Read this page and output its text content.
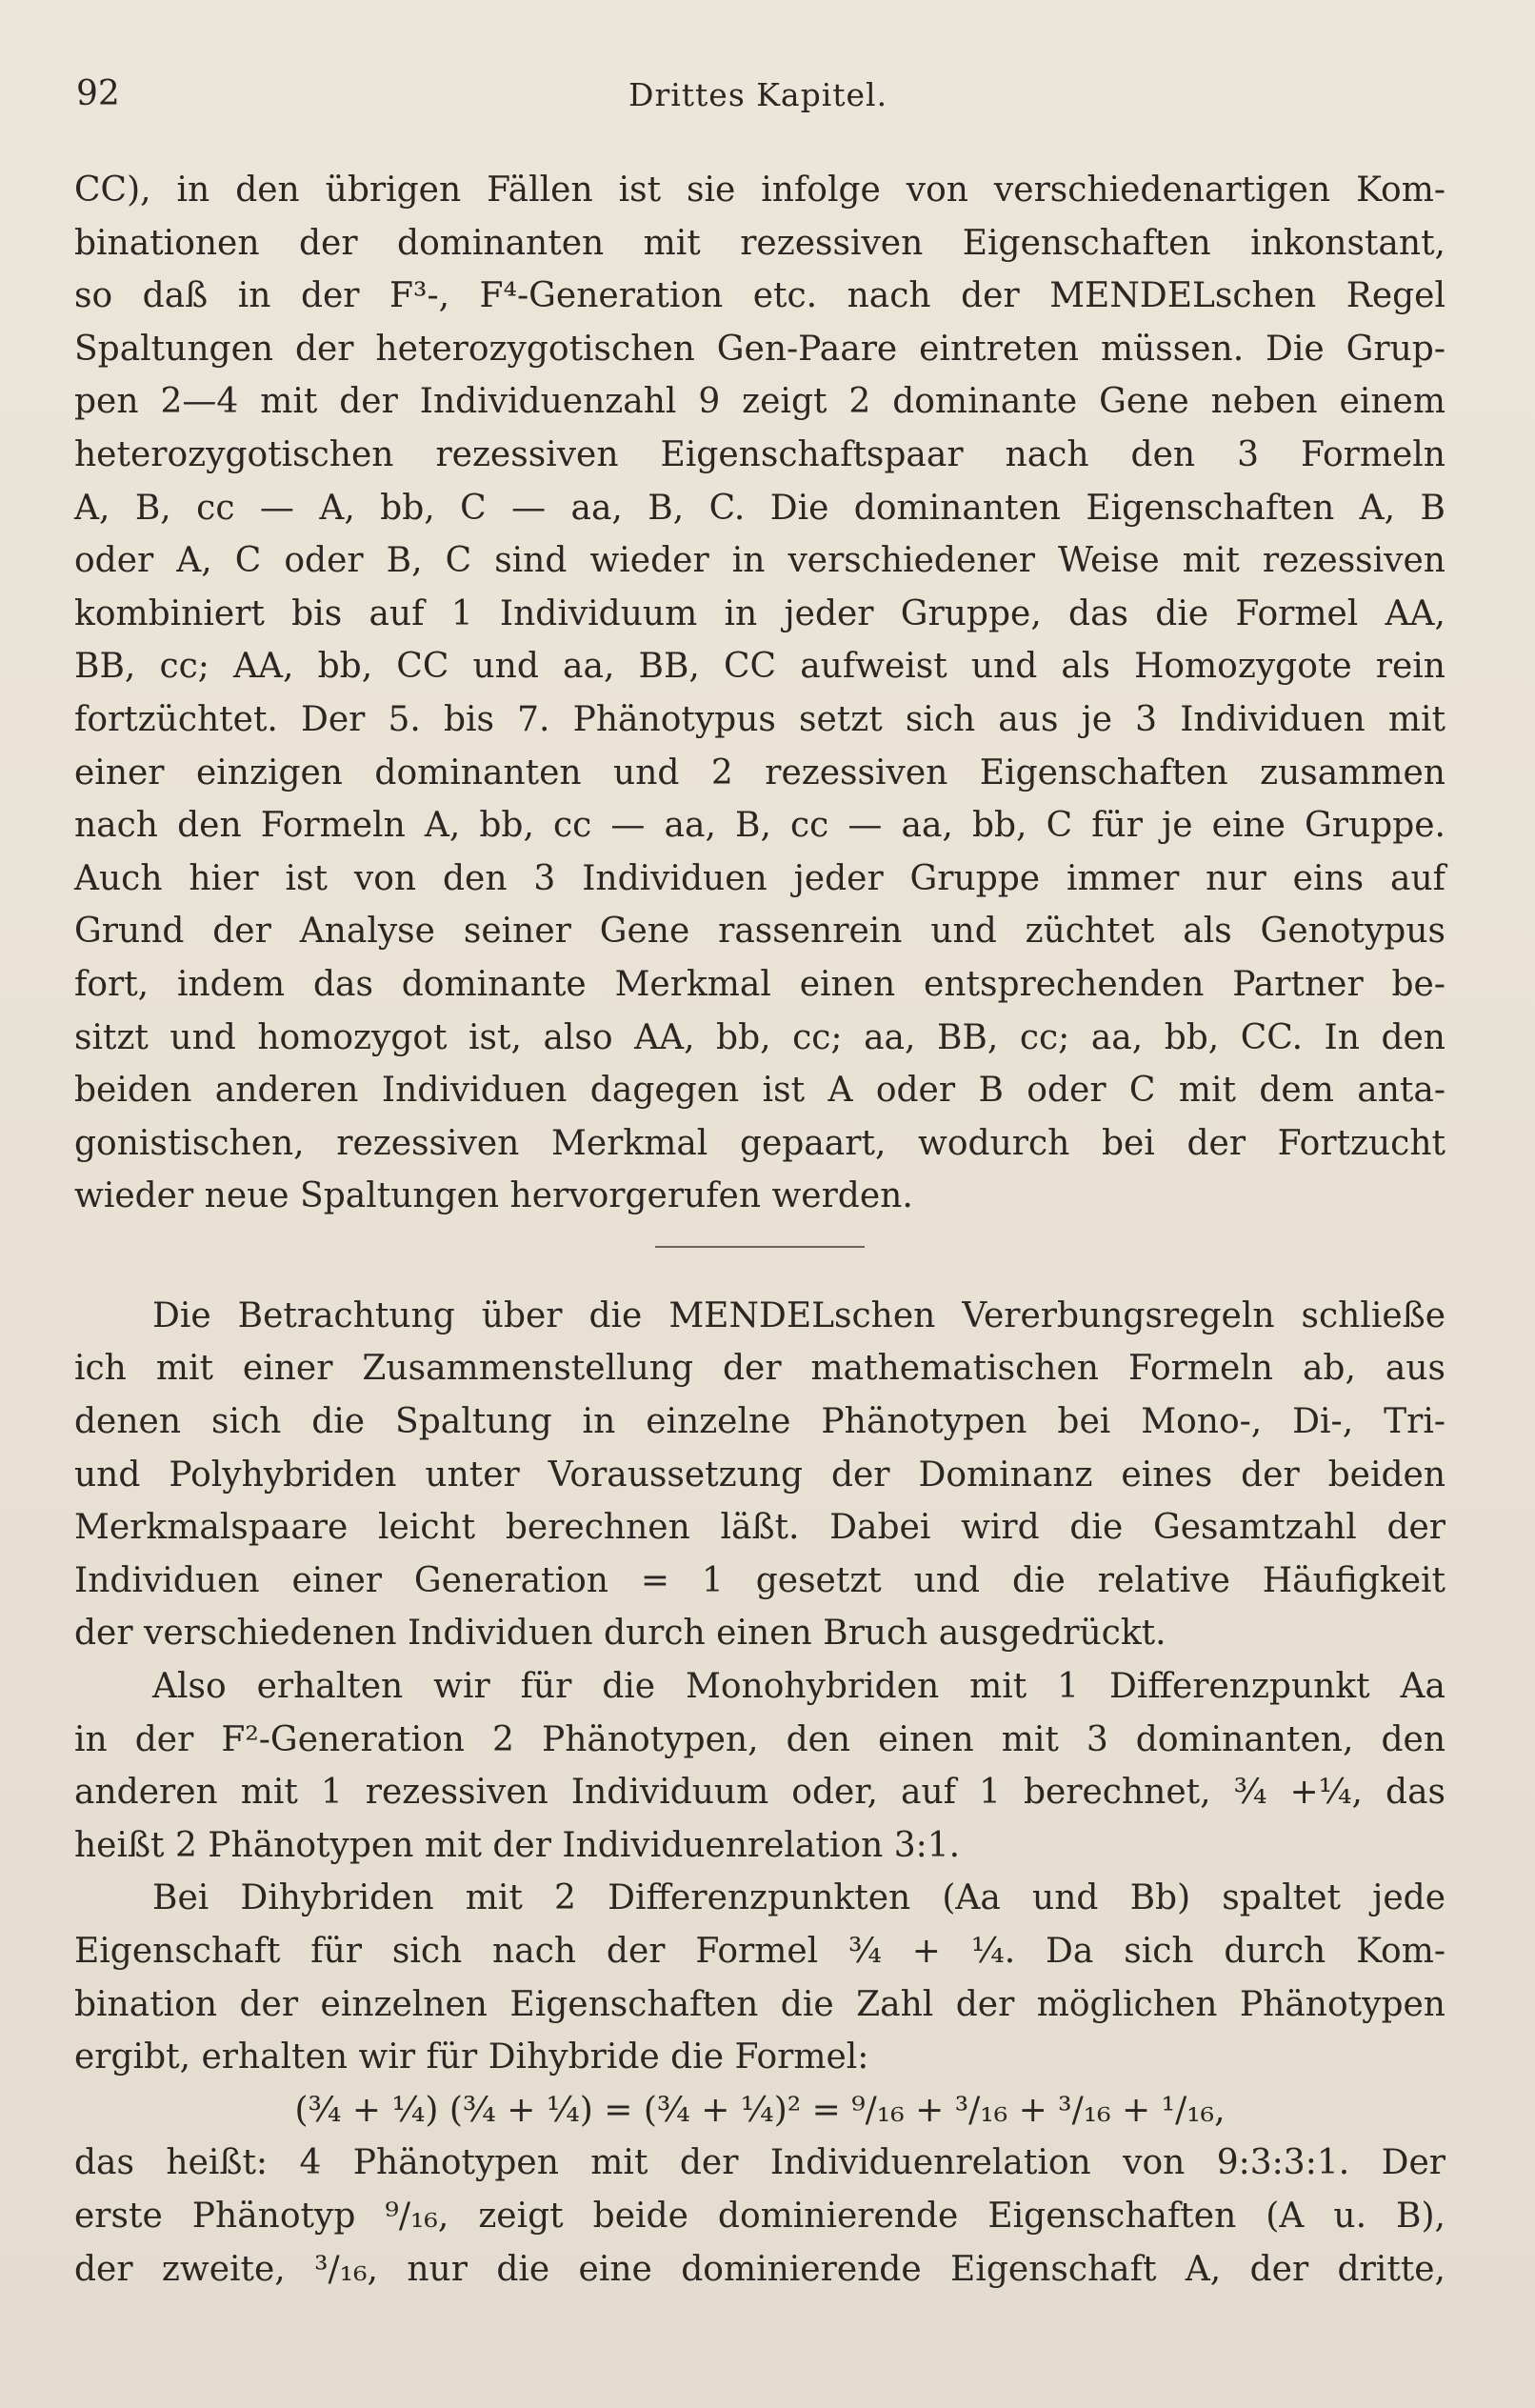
92	Drittes Kapitel.
CC), in den übrigen Fällen ist sie infolge von verschiedenartigen Kom-
binationen der dominanten mit rezessiven Eigenschaften inkonstant,
so daß in der F³-, F⁴-Generation etc. nach der MENDELschen Regel
Spaltungen der heterozygotischen Gen-Paare eintreten müssen. Die Grup-
pen 2—4 mit der Individuenzahl 9 zeigt 2 dominante Gene neben einem
heterozygotischen rezessiven Eigenschaftspaar nach den 3 Formeln
A, B, cc — A, bb, C — aa, B, C. Die dominanten Eigenschaften A, B
oder A, C oder B, C sind wieder in verschiedener Weise mit rezessiven
kombiniert bis auf 1 Individuum in jeder Gruppe, das die Formel AA,
BB, cc; AA, bb, CC und aa, BB, CC aufweist und als Homozygote rein
fortzüchtet. Der 5. bis 7. Phänotypus setzt sich aus je 3 Individuen mit
einer einzigen dominanten und 2 rezessiven Eigenschaften zusammen
nach den Formeln A, bb, cc — aa, B, cc — aa, bb, C für je eine Gruppe.
Auch hier ist von den 3 Individuen jeder Gruppe immer nur eins auf
Grund der Analyse seiner Gene rassenrein und züchtet als Genotypus
fort, indem das dominante Merkmal einen entsprechenden Partner be-
sitzt und homozygot ist, also AA, bb, cc; aa, BB, cc; aa, bb, CC. In den
beiden anderen Individuen dagegen ist A oder B oder C mit dem anta-
gonistischen, rezessiven Merkmal gepaart, wodurch bei der Fortzucht
wieder neue Spaltungen hervorgerufen werden.
Die Betrachtung über die MENDELschen Vererbungsregeln schließe
ich mit einer Zusammenstellung der mathematischen Formeln ab, aus
denen sich die Spaltung in einzelne Phänotypen bei Mono-, Di-, Tri-
und Polyhybriden unter Voraussetzung der Dominanz eines der beiden
Merkmalspaare leicht berechnen läßt. Dabei wird die Gesamtzahl der
Individuen einer Generation = 1 gesetzt und die relative Häufigkeit
der verschiedenen Individuen durch einen Bruch ausgedrückt.
Also erhalten wir für die Monohybriden mit 1 Differenzpunkt Aa
in der F²-Generation 2 Phänotypen, den einen mit 3 dominanten, den
anderen mit 1 rezessiven Individuum oder, auf 1 berechnet, ¾ +¼, das
heißt 2 Phänotypen mit der Individuenrelation 3:1.
Bei Dihybriden mit 2 Differenzpunkten (Aa und Bb) spaltet jede
Eigenschaft für sich nach der Formel ¾ + ¼. Da sich durch Kom-
bination der einzelnen Eigenschaften die Zahl der möglichen Phänotypen
ergibt, erhalten wir für Dihybride die Formel:
(¾ + ¼) (¾ + ¼) = (¾ + ¼)² = ⁹/₁₆ + ³/₁₆ + ³/₁₆ + ¹/₁₆,
das heißt: 4 Phänotypen mit der Individuenrelation von 9:3:3:1. Der
erste Phänotyp ⁹/₁₆, zeigt beide dominierende Eigenschaften (A u. B),
der zweite, ³/₁₆, nur die eine dominierende Eigenschaft A, der dritte,
